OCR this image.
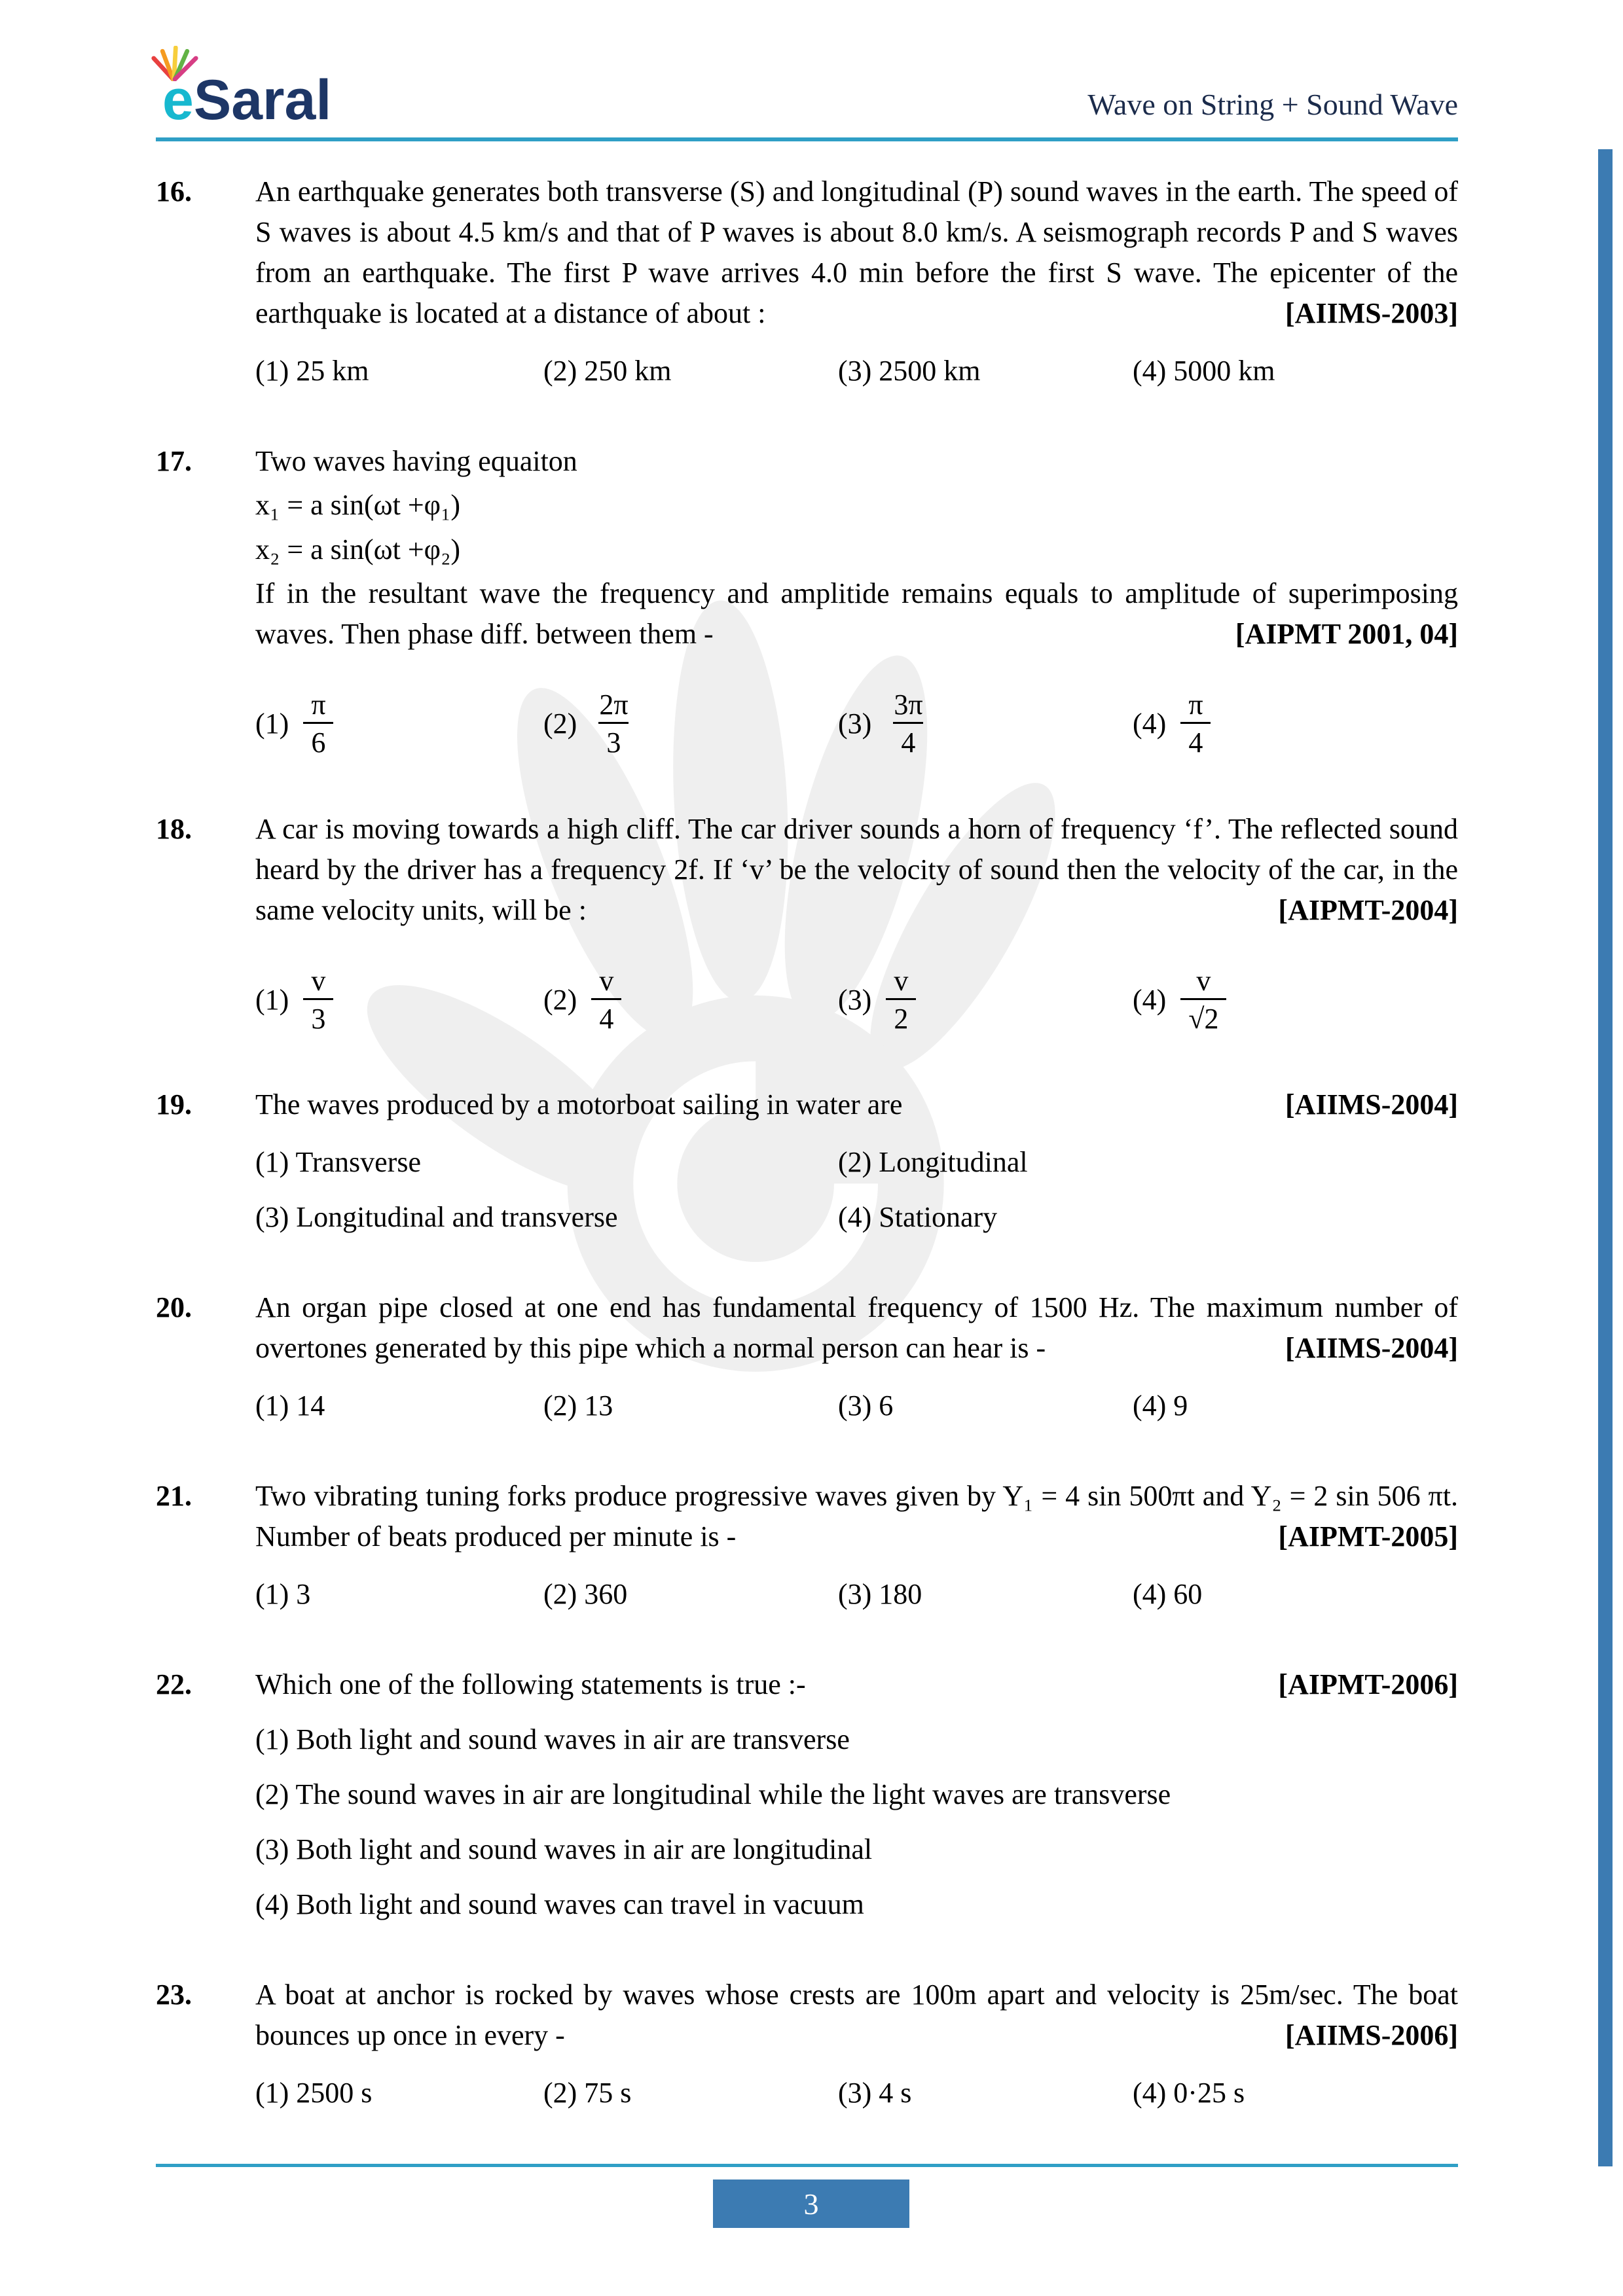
eSaral	Wave on String + Sound Wave
16.	An earthquake generates both transverse (S) and longitudinal (P) sound waves in the earth. The speed of S waves is about 4.5 km/s and that of P waves is about 8.0 km/s. A seismograph records P and S waves from an earthquake. The first P wave arrives 4.0 min before the first S wave. The epicenter of the earthquake is located at a distance of about :	[AIIMS-2003]
(1) 25 km	(2) 250 km	(3) 2500 km	(4) 5000 km
17.	Two waves having equaiton
x₁ = a sin(ωt +φ₁)
x₂ = a sin(ωt +φ₂)
If in the resultant wave the frequency and amplitide remains equals to amplitude of superimposing waves. Then phase diff. between them -	[AIPMT 2001, 04]
$(1) \frac{\pi}{6}$	$(2) \frac{2\pi}{3}$	$(3) \frac{3\pi}{4}$	$(4) \frac{\pi}{4}$
18.	A car is moving towards a high cliff. The car driver sounds a horn of frequency ‘f’. The reflected sound heard by the driver has a frequency 2f. If ‘v’ be the velocity of sound then the velocity of the car, in the same velocity units, will be :	[AIPMT-2004]
$(1) \frac{v}{3}$	$(2) \frac{v}{4}$	$(3) \frac{v}{2}$	$(4) \frac{v}{√2}$
19.	The waves produced by a motorboat sailing in water are	[AIIMS-2004]
(1) Transverse	(2) Longitudinal
(3) Longitudinal and transverse	(4) Stationary
20.	An organ pipe closed at one end has fundamental frequency of 1500 Hz. The maximum number of overtones generated by this pipe which a normal person can hear is -	[AIIMS-2004]
(1) 14	(2) 13	(3) 6	(4) 9
21.	Two vibrating tuning forks produce progressive waves given by Y₁ = 4 sin 500πt and Y₂ = 2 sin 506 πt. Number of beats produced per minute is -	[AIPMT-2005]
(1) 3	(2) 360	(3) 180	(4) 60
22.	Which one of the following statements is true :-	[AIPMT-2006]
(1) Both light and sound waves in air are transverse
(2) The sound waves in air are longitudinal while the light waves are transverse
(3) Both light and sound waves in air are longitudinal
(4) Both light and sound waves can travel in vacuum
23.	A boat at anchor is rocked by waves whose crests are 100m apart and velocity is 25m/sec. The boat bounces up once in every -	[AIIMS-2006]
(1) 2500 s	(2) 75 s	(3) 4 s	(4) 0·25 s
3
